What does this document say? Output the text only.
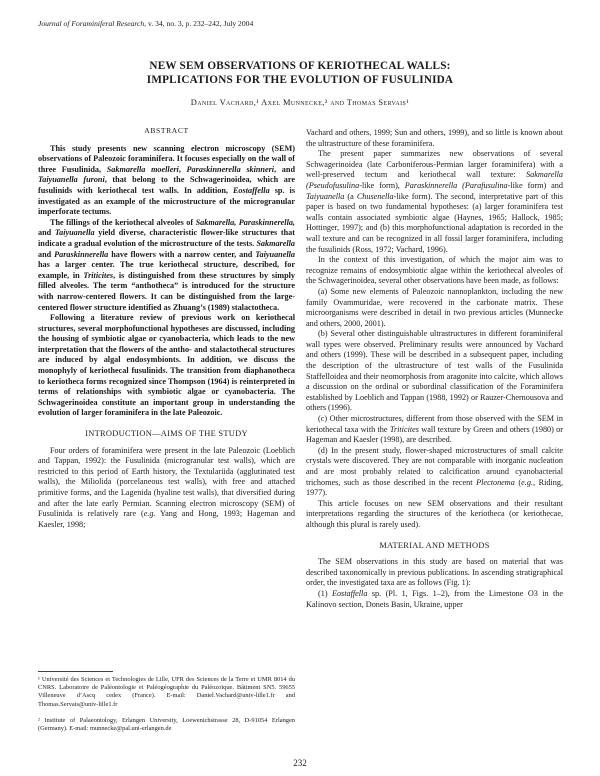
Journal of Foraminiferal Research, v. 34, no. 3, p. 232–242, July 2004
NEW SEM OBSERVATIONS OF KERIOTHECAL WALLS:
IMPLICATIONS FOR THE EVOLUTION OF FUSULINIDA
Daniel Vachard,¹ Axel Munnecke,² and Thomas Servais¹
ABSTRACT

This study presents new scanning electron microscopy (SEM) observations of Paleozoic foraminifera. It focuses especially on the wall of three Fusulinida, Sakmarella moelleri, Paraskinnerella skinneri, and Taiyuanella furoni, that belong to the Schwagerinoidea, which are fusulinids with keriothecal test walls. In addition, Eostaffella sp. is investigated as an example of the microstructure of the microgranular imperforate tectums.

The fillings of the keriothecal alveoles of Sakmarella, Paraskinnerella, and Taiyuanella yield diverse, characteristic flower-like structures that indicate a gradual evolution of the microstructure of the tests. Sakmarella and Paraskinnerella have flowers with a narrow center, and Taiyuanella has a larger center. The true keriothecal structure, described, for example, in Triticites, is distinguished from these structures by simply filled alveoles. The term “anthotheca” is introduced for the structure with narrow-centered flowers. It can be distinguished from the large-centered flower structure identified as Zhuang’s (1989) stalactotheca.

Following a literature review of previous work on keriothecal structures, several morphofunctional hypotheses are discussed, including the housing of symbiotic algae or cyanobacteria, which leads to the new interpretation that the flowers of the antho- and stalactothecal structures are induced by algal endosymbionts. In addition, we discuss the monophyly of keriothecal fusulinids. The transition from diaphanotheca to keriotheca forms recognized since Thompson (1964) is reinterpreted in terms of relationships with symbiotic algae or cyanobacteria. The Schwagerinoidea constitute an important group in understanding the evolution of larger foraminifera in the late Paleozoic.

INTRODUCTION—AIMS OF THE STUDY

Four orders of foraminifera were present in the late Paleozoic (Loeblich and Tappan, 1992): the Fusulinida (microgranular test walls), which are restricted to this period of Earth history, the Textulariida (agglutinated test walls), the Miliolida (porcelaneous test walls), with free and attached primitive forms, and the Lagenida (hyaline test walls), that diversified during and after the late early Permian. Scanning electron microscopy (SEM) of Fusulinida is relatively rare (e.g. Yang and Hong, 1993; Hageman and Kaesler, 1998;

Vachard and others, 1999; Sun and others, 1999), and so little is known about the ultrastructure of these foraminifera.

The present paper summarizes new observations of several Schwagerinoidea (late Carboniferous-Permian larger foraminifera) with a well-preserved tectum and keriothecal wall texture: Sakmarella (Pseudofusulina-like form), Paraskinnerella (Parafusulina-like form) and Taiyuanella (a Chusenella-like form). The second, interpretative part of this paper is based on two fundamental hypotheses: (a) larger foraminifera test walls contain associated symbiotic algae (Haynes, 1965; Hallock, 1985; Hottinger, 1997); and (b) this morphofunctional adaptation is recorded in the wall texture and can be recognized in all fossil larger foraminifera, including the fusulinids (Ross, 1972; Vachard, 1996).

In the context of this investigation, of which the major aim was to recognize remains of endosymbiotic algae within the keriothecal alveoles of the Schwagerinoidea, several other observations have been made, as follows:

(a) Some new elements of Paleozoic nannoplankton, including the new family Ovammuridae, were recovered in the carbonate matrix. These microorganisms were described in detail in two previous articles (Munnecke and others, 2000, 2001).

(b) Several other distinguishable ultrastructures in different foraminiferal wall types were observed. Preliminary results were announced by Vachard and others (1999). These will be described in a subsequent paper, including the description of the ultrastructure of test walls of the Fusulinida Staffelloidea and their neomorphosis from aragonite into calcite, which allows a discussion on the ordinal or subordinal classification of the Foraminifera established by Loeblich and Tappan (1988, 1992) or Rauzer-Chernousova and others (1996).

(c) Other microstructures, different from those observed with the SEM in keriothecal taxa with the Triticites wall texture by Green and others (1980) or Hageman and Kaesler (1998), are described.

(d) In the present study, flower-shaped microstructures of small calcite crystals were discovered. They are not comparable with inorganic nucleation and are most probably related to calcification around cyanobacterial trichomes, such as those described in the recent Plectonema (e.g., Riding, 1977).

This article focuses on new SEM observations and their resultant interpretations regarding the structures of the keriotheca (or keriothecae, although this plural is rarely used).

MATERIAL AND METHODS

The SEM observations in this study are based on material that was described taxonomically in previous publications. In ascending stratigraphical order, the investigated taxa are as follows (Fig. 1):

(1) Eostaffella sp. (Pl. 1, Figs. 1–2), from the Limestone O3 in the Kalinovo section, Donets Basin, Ukraine, upper

¹ Université des Sciences et Technologies de Lille, UFR des Sciences de la Terre et UMR 8014 du CNRS. Laboratoire de Paléontologie et Paléogéographie du Paléozoïque. Bâtiment SN5. 59655 Villeneuve d’Ascq cedex (France). E-mail: Daniel.Vachard@univ-lille1.fr and Thomas.Servais@univ-lille1.fr
² Institute of Palaeontology, Erlangen University, Loewenichstrasse 28, D-91054 Erlangen (Germany). E-mail: munnecke@pal.uni-erlangen.de
232
